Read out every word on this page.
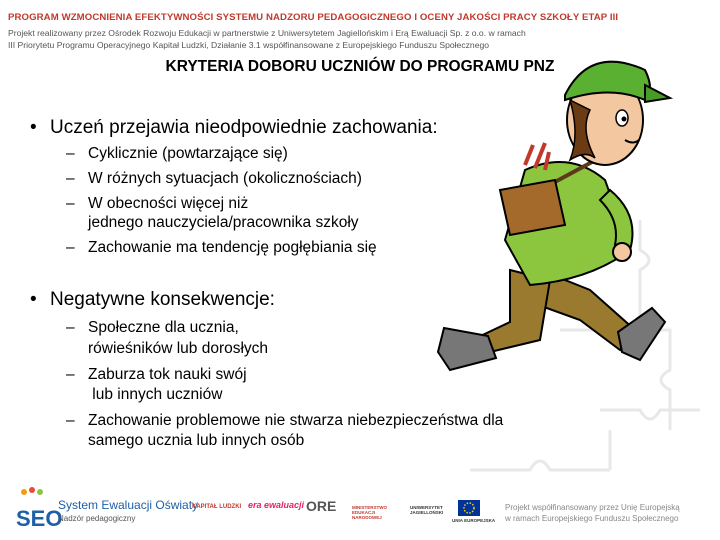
PROGRAM WZMOCNIENIA EFEKTYWNOŚCI SYSTEMU NADZORU PEDAGOGICZNEGO I OCENY JAKOŚCI PRACY SZKOŁY ETAP III
Projekt realizowany przez Ośrodek Rozwoju Edukacji w partnerstwie z Uniwersytetem Jagiellońskim i Erą Ewaluacji Sp. z o.o. w ramach
III Priorytetu Programu Operacyjnego Kapitał Ludzki, Działanie 3.1 współfinansowane z Europejskiego Funduszu Społecznego
KRYTERIA DOBORU UCZNIÓW DO PROGRAMU PNZ
• Uczeń przejawia nieodpowiednie zachowania:
– Cyklicznie (powtarzające się)
– W różnych sytuacjach (okolicznościach)
– W obecności więcej niż
jednego nauczyciela/pracownika szkoły
– Zachowanie ma tendencję pogłębiania się
• Negatywne konsekwencje:
– Społeczne dla ucznia,
rówieśników lub dorosłych
– Zaburza tok nauki swój
lub innych uczniów
– Zachowanie problemowe nie stwarza niebezpieczeństwa dla
samego ucznia lub innych osób
SEO
System Ewaluacji Oświaty
Nadzór pedagogiczny
KAPITAŁ LUDZKI era ewaluacji ORE	MINISTERSTWO EDUKACJI NARODOWEJ
UNIWERSYTET JAGIELLOŃSKI
UNIA EUROPEJSKA
Projekt współfinansowany przez Unię Europejską
w ramach Europejskiego Funduszu Społecznego
